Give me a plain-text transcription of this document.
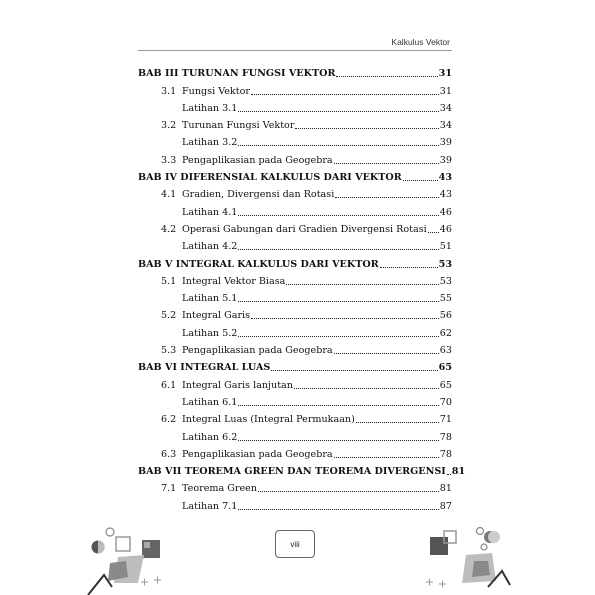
Kalkulus Vektor
BAB III TURUNAN FUNGSI VEKTOR	31
3.1 Fungsi Vektor	31
Latihan 3.1	34
3.2 Turunan Fungsi Vektor	34
Latihan 3.2	39
3.3 Pengaplikasian pada Geogebra	39
BAB IV DIFERENSIAL KALKULUS DARI VEKTOR	43
4.1 Gradien, Divergensi dan Rotasi	43
Latihan 4.1	46
4.2 Operasi Gabungan dari Gradien Divergensi Rotasi 46
Latihan 4.2	51
BAB V INTEGRAL KALKULUS DARI VEKTOR	53
5.1 Integral Vektor Biasa	53
Latihan 5.1	55
5.2 Integral Garis	56
Latihan 5.2	62
5.3 Pengaplikasian pada Geogebra	63
BAB VI INTEGRAL LUAS	65
6.1 Integral Garis lanjutan	65
Latihan 6.1	70
6.2 Integral Luas (Integral Permukaan)	71
Latihan 6.2	78
6.3 Pengaplikasian pada Geogebra	78
BAB VII TEOREMA GREEN DAN TEOREMA DIVERGENSI 81
7.1 Teorema Green	81
Latihan 7.1	87
viii
